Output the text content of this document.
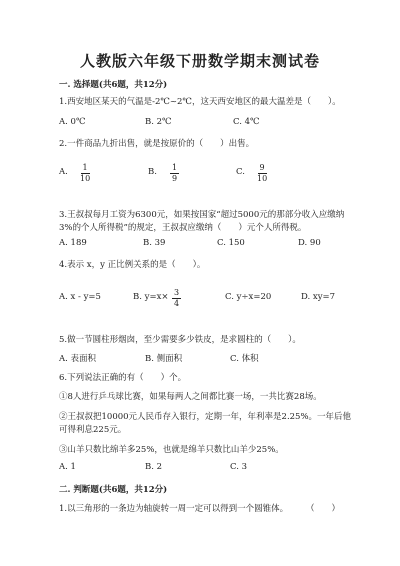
人教版六年级下册数学期末测试卷
一. 选择题(共6题，共12分)
1.西安地区某天的气温是-2℃~2℃，这天西安地区的最大温差是（　　）。
A. 0℃	B. 2℃	C. 4℃
2.一件商品九折出售，就是按原价的（　　）出售。
A. 1
10
B. 1
9
C. 9
10
3.王叔叔每月工资为6300元，如果按国家“超过5000元的那部分收入应缴纳
3%的个人所得税”的规定，王叔叔应缴纳（　　）元个人所得税。
A. 189	B. 39	C. 150	D. 90
4.表示 x，y 正比例关系的是（　　）。
A. x - y=5	B. y=x× 3
4
C. y÷x=20	D. xy=7
5.做一节圆柱形烟囱，至少需要多少铁皮，是求圆柱的（　　）。
A. 表面积	B. 侧面积	C. 体积
6.下列说法正确的有（　　）个。
①8人进行乒乓球比赛，如果每两人之间都比赛一场，一共比赛28场。
②王叔叔把10000元人民币存入银行，定期一年，年利率是2.25%。一年后他
可得利息225元。
③山羊只数比绵羊多25%，也就是绵羊只数比山羊少25%。
A. 1	B. 2	C. 3
二. 判断题(共6题，共12分)
1.以三角形的一条边为轴旋转一周一定可以得到一个圆锥体。 （　　）
